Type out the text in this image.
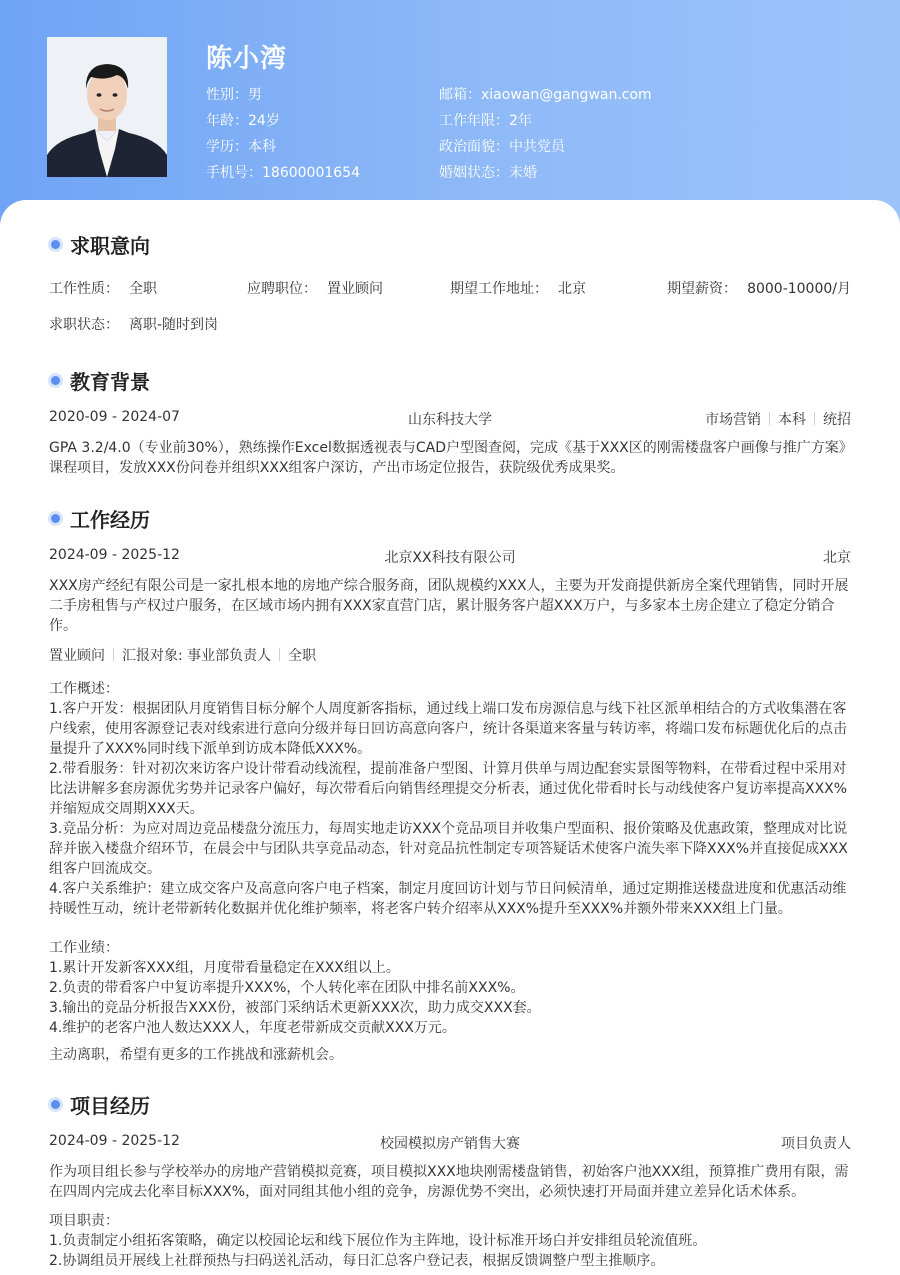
陈小湾
性别：男
年龄：24岁
学历：本科
手机号：18600001654
邮箱：xiaowan@gangwan.com
工作年限：2年
政治面貌：中共党员
婚姻状态：未婚
求职意向
工作性质： 全职	应聘职位： 置业顾问	期望工作地址： 北京	期望薪资： 8000-10000/月
求职状态： 离职-随时到岗
教育背景
2020-09 - 2024-07	山东科技大学	市场营销 本科 统招
GPA 3.2/4.0（专业前30%），熟练操作Excel数据透视表与CAD户型图查阅，完成《基于XXX区的刚需楼盘客户画像与推广方案》课程项目，发放XXX份问卷并组织XXX组客户深访，产出市场定位报告，获院级优秀成果奖。
工作经历
2024-09 - 2025-12	北京XX科技有限公司	北京
XXX房产经纪有限公司是一家扎根本地的房地产综合服务商，团队规模约XXX人，主要为开发商提供新房全案代理销售，同时开展二手房租售与产权过户服务，在区域市场内拥有XXX家直营门店，累计服务客户超XXX万户，与多家本土房企建立了稳定分销合作。
置业顾问 汇报对象: 事业部负责人 全职
工作概述：
1.客户开发：根据团队月度销售目标分解个人周度新客指标，通过线上端口发布房源信息与线下社区派单相结合的方式收集潜在客户线索，使用客源登记表对线索进行意向分级并每日回访高意向客户，统计各渠道来客量与转访率，将端口发布标题优化后的点击量提升了XXX%同时线下派单到访成本降低XXX%。
2.带看服务：针对初次来访客户设计带看动线流程，提前准备户型图、计算月供单与周边配套实景图等物料，在带看过程中采用对比法讲解多套房源优劣势并记录客户偏好，每次带看后向销售经理提交分析表，通过优化带看时长与动线使客户复访率提高XXX%并缩短成交周期XXX天。
3.竞品分析：为应对周边竞品楼盘分流压力，每周实地走访XXX个竞品项目并收集户型面积、报价策略及优惠政策，整理成对比说辞并嵌入楼盘介绍环节，在晨会中与团队共享竞品动态，针对竞品抗性制定专项答疑话术使客户流失率下降XXX%并直接促成XXX组客户回流成交。
4.客户关系维护：建立成交客户及高意向客户电子档案，制定月度回访计划与节日问候清单，通过定期推送楼盘进度和优惠活动维持暖性互动，统计老带新转化数据并优化维护频率，将老客户转介绍率从XXX%提升至XXX%并额外带来XXX组上门量。
工作业绩：
1.累计开发新客XXX组，月度带看量稳定在XXX组以上。
2.负责的带看客户中复访率提升XXX%，个人转化率在团队中排名前XXX%。
3.输出的竞品分析报告XXX份，被部门采纳话术更新XXX次，助力成交XXX套。
4.维护的老客户池人数达XXX人，年度老带新成交贡献XXX万元。
主动离职，希望有更多的工作挑战和涨薪机会。
项目经历
2024-09 - 2025-12	校园模拟房产销售大赛	项目负责人
作为项目组长参与学校举办的房地产营销模拟竞赛，项目模拟XXX地块刚需楼盘销售，初始客户池XXX组，预算推广费用有限，需在四周内完成去化率目标XXX%，面对同组其他小组的竞争，房源优势不突出，必须快速打开局面并建立差异化话术体系。
项目职责：
1.负责制定小组拓客策略，确定以校园论坛和线下展位作为主阵地，设计标准开场白并安排组员轮流值班。
2.协调组员开展线上社群预热与扫码送礼活动，每日汇总客户登记表，根据反馈调整户型主推顺序。
